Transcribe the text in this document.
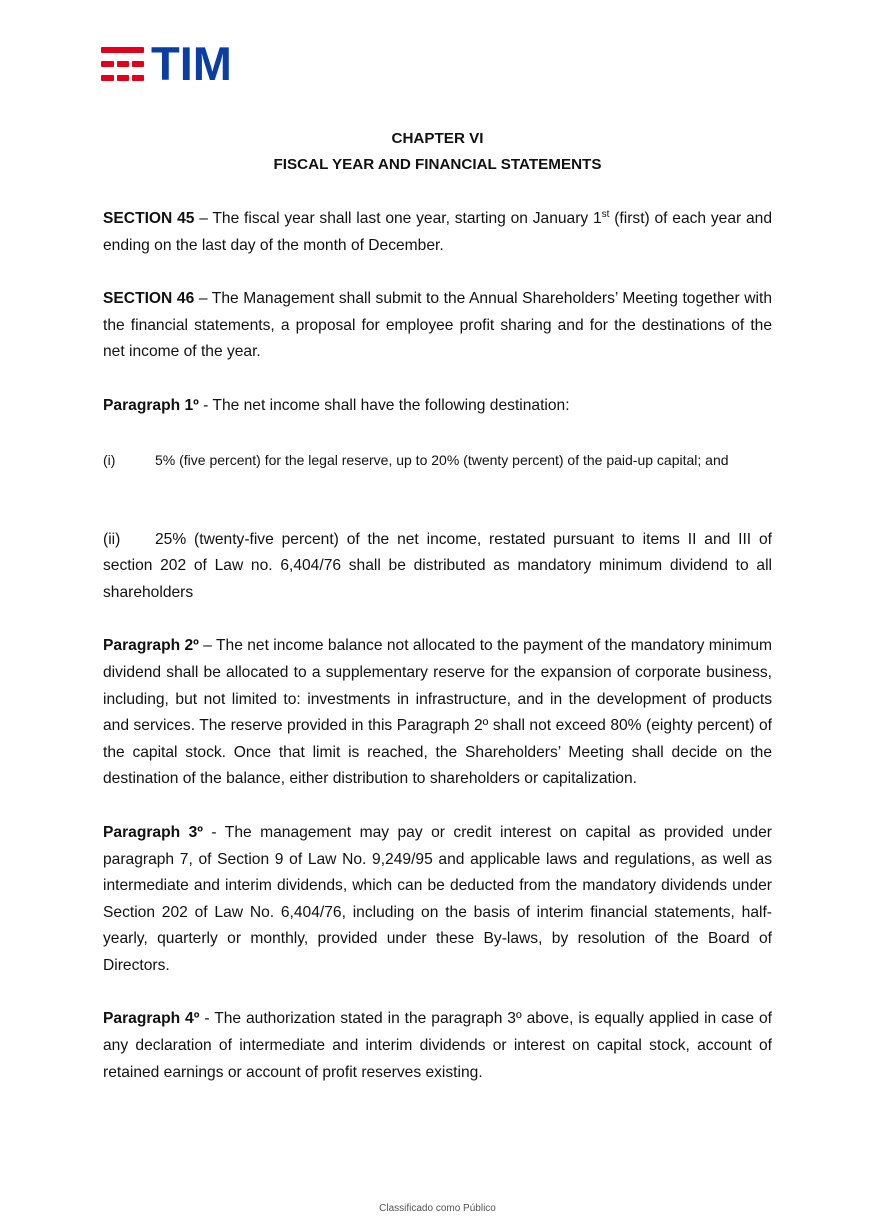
TIM

CHAPTER VI

FISCAL YEAR AND FINANCIAL STATEMENTS

SECTION 45 – The fiscal year shall last one year, starting on January 1st (first) of each year and ending on the last day of the month of December.

SECTION 46 – The Management shall submit to the Annual Shareholders’ Meeting together with the financial statements, a proposal for employee profit sharing and for the destinations of the net income of the year.

Paragraph 1º - The net income shall have the following destination:

(i)	5% (five percent) for the legal reserve, up to 20% (twenty percent) of the paid-up capital; and

(ii) 25% (twenty-five percent) of the net income, restated pursuant to items II and III of section 202 of Law no. 6,404/76 shall be distributed as mandatory minimum dividend to all shareholders

Paragraph 2º – The net income balance not allocated to the payment of the mandatory minimum dividend shall be allocated to a supplementary reserve for the expansion of corporate business, including, but not limited to: investments in infrastructure, and in the development of products and services. The reserve provided in this Paragraph 2º shall not exceed 80% (eighty percent) of the capital stock. Once that limit is reached, the Shareholders’ Meeting shall decide on the destination of the balance, either distribution to shareholders or capitalization.

Paragraph 3º - The management may pay or credit interest on capital as provided under paragraph 7, of Section 9 of Law No. 9,249/95 and applicable laws and regulations, as well as intermediate and interim dividends, which can be deducted from the mandatory dividends under Section 202 of Law No. 6,404/76, including on the basis of interim financial statements, half-yearly, quarterly or monthly, provided under these By-laws, by resolution of the Board of Directors.

Paragraph 4º - The authorization stated in the paragraph 3º above, is equally applied in case of any declaration of intermediate and interim dividends or interest on capital stock, account of retained earnings or account of profit reserves existing.

Classificado como Público
